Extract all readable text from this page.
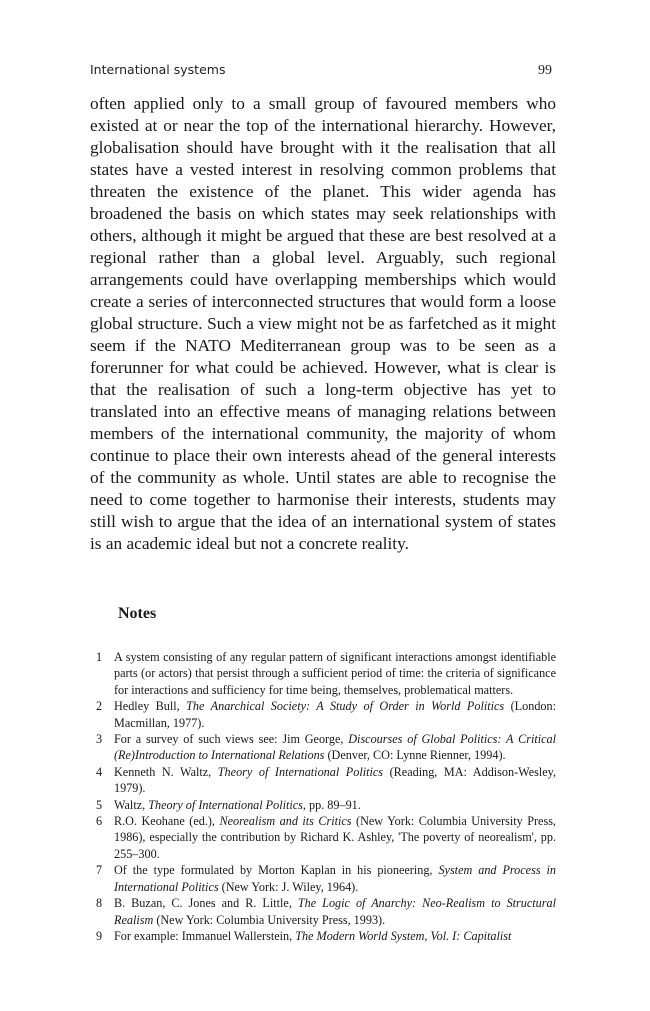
International systems	99

often applied only to a small group of favoured members who existed at or near the top of the international hierarchy. However, globalisation should have brought with it the realisation that all states have a vested interest in resolving common problems that threaten the existence of the planet. This wider agenda has broadened the basis on which states may seek relationships with others, although it might be argued that these are best resolved at a regional rather than a global level. Arguably, such regional arrangements could have overlapping memberships which would create a series of interconnected structures that would form a loose global structure. Such a view might not be as farfetched as it might seem if the NATO Mediterranean group was to be seen as a forerunner for what could be achieved. However, what is clear is that the realisation of such a long-term objective has yet to translated into an effective means of managing relations between members of the international community, the majority of whom continue to place their own interests ahead of the general interests of the community as whole. Until states are able to recognise the need to come together to harmonise their interests, students may still wish to argue that the idea of an international system of states is an academic ideal but not a concrete reality.

Notes
1 A system consisting of any regular pattern of significant interactions amongst identifiable parts (or actors) that persist through a sufficient period of time: the criteria of significance for interactions and sufficiency for time being, themselves, problematical matters.
2 Hedley Bull, The Anarchical Society: A Study of Order in World Politics (London: Macmillan, 1977).
3 For a survey of such views see: Jim George, Discourses of Global Politics: A Critical (Re)Introduction to International Relations (Denver, CO: Lynne Rienner, 1994).
4 Kenneth N. Waltz, Theory of International Politics (Reading, MA: Addison-Wesley, 1979).
5 Waltz, Theory of International Politics, pp. 89–91.
6 R.O. Keohane (ed.), Neorealism and its Critics (New York: Columbia University Press, 1986), especially the contribution by Richard K. Ashley, 'The poverty of neorealism', pp. 255–300.
7 Of the type formulated by Morton Kaplan in his pioneering, System and Process in International Politics (New York: J. Wiley, 1964).
8 B. Buzan, C. Jones and R. Little, The Logic of Anarchy: Neo-Realism to Structural Realism (New York: Columbia University Press, 1993).
9 For example: Immanuel Wallerstein, The Modern World System, Vol. I: Capitalist
